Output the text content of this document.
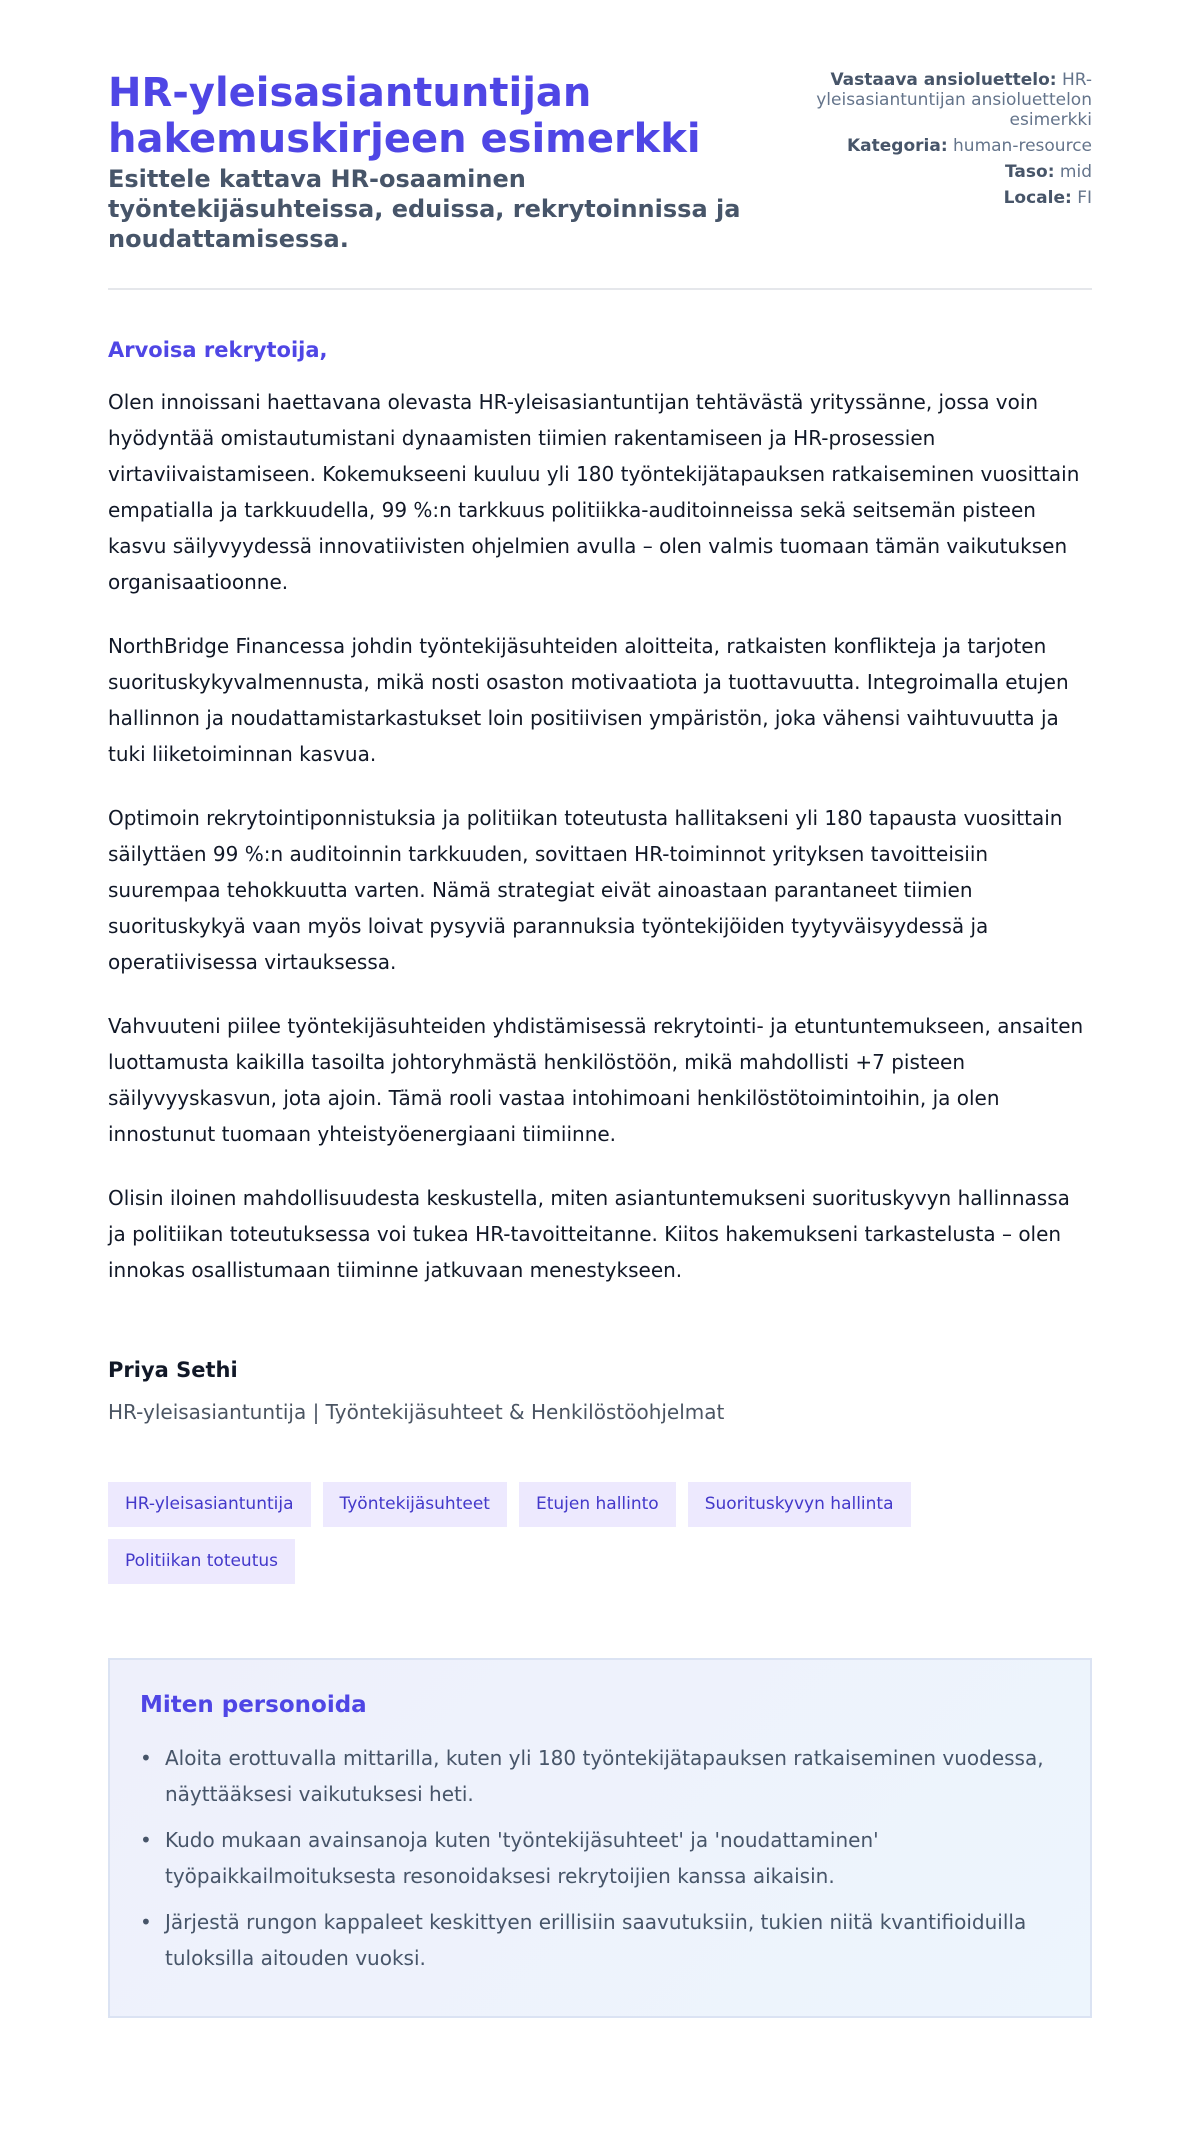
HR-yleisasiantuntijan hakemuskirjeen esimerkki
Esittele kattava HR-osaaminen työntekijäsuhteissa, eduissa, rekrytoinnissa ja noudattamisessa.
Vastaava ansioluettelo: HR-yleisasiantuntijan ansioluettelon esimerkki
Kategoria: human-resource
Taso: mid
Locale: FI
Arvoisa rekrytoija,

Olen innoissani haettavana olevasta HR-yleisasiantuntijan tehtävästä yrityssänne, jossa voin hyödyntää omistautumistani dynaamisten tiimien rakentamiseen ja HR-prosessien virtaviivaistamiseen. Kokemukseeni kuuluu yli 180 työntekijätapauksen ratkaiseminen vuosittain empatialla ja tarkkuudella, 99 %:n tarkkuus politiikka-auditoinneissa sekä seitsemän pisteen kasvu säilyvyydessä innovatiivisten ohjelmien avulla – olen valmis tuomaan tämän vaikutuksen organisaatioonne.

NorthBridge Financessa johdin työntekijäsuhteiden aloitteita, ratkaisten konflikteja ja tarjoten suorituskykyvalmennusta, mikä nosti osaston motivaatiota ja tuottavuutta. Integroimalla etujen hallinnon ja noudattamistarkastukset loin positiivisen ympäristön, joka vähensi vaihtuvuutta ja tuki liiketoiminnan kasvua.

Optimoin rekrytointiponnistuksia ja politiikan toteutusta hallitakseni yli 180 tapausta vuosittain säilyttäen 99 %:n auditoinnin tarkkuuden, sovittaen HR-toiminnot yrityksen tavoitteisiin suurempaa tehokkuutta varten. Nämä strategiat eivät ainoastaan parantaneet tiimien suorituskykyä vaan myös loivat pysyviä parannuksia työntekijöiden tyytyväisyydessä ja operatiivisessa virtauksessa.

Vahvuuteni piilee työntekijäsuhteiden yhdistämisessä rekrytointi- ja etuntuntemukseen, ansaiten luottamusta kaikilla tasoilta johtoryhmästä henkilöstöön, mikä mahdollisti +7 pisteen säilyvyyskasvun, jota ajoin. Tämä rooli vastaa intohimoani henkilöstötoimintoihin, ja olen innostunut tuomaan yhteistyöenergiaani tiimiinne.

Olisin iloinen mahdollisuudesta keskustella, miten asiantuntemukseni suorituskyvyn hallinnassa ja politiikan toteutuksessa voi tukea HR-tavoitteitanne. Kiitos hakemukseni tarkastelusta – olen innokas osallistumaan tiiminne jatkuvaan menestykseen.

Priya Sethi
HR-yleisasiantuntija | Työntekijäsuhteet & Henkilöstöohjelmat
HR-yleisasiantuntija	Työntekijäsuhteet	Etujen hallinto	Suorituskyvyn hallinta
Politiikan toteutus
Miten personoida
• Aloita erottuvalla mittarilla, kuten yli 180 työntekijätapauksen ratkaiseminen vuodessa, näyttääksesi vaikutuksesi heti.
• Kudo mukaan avainsanoja kuten 'työntekijäsuhteet' ja 'noudattaminen' työpaikkailmoituksesta resonoidaksesi rekrytoijien kanssa aikaisin.
• Järjestä rungon kappaleet keskittyen erillisiin saavutuksiin, tukien niitä kvantifioiduilla tuloksilla aitouden vuoksi.
